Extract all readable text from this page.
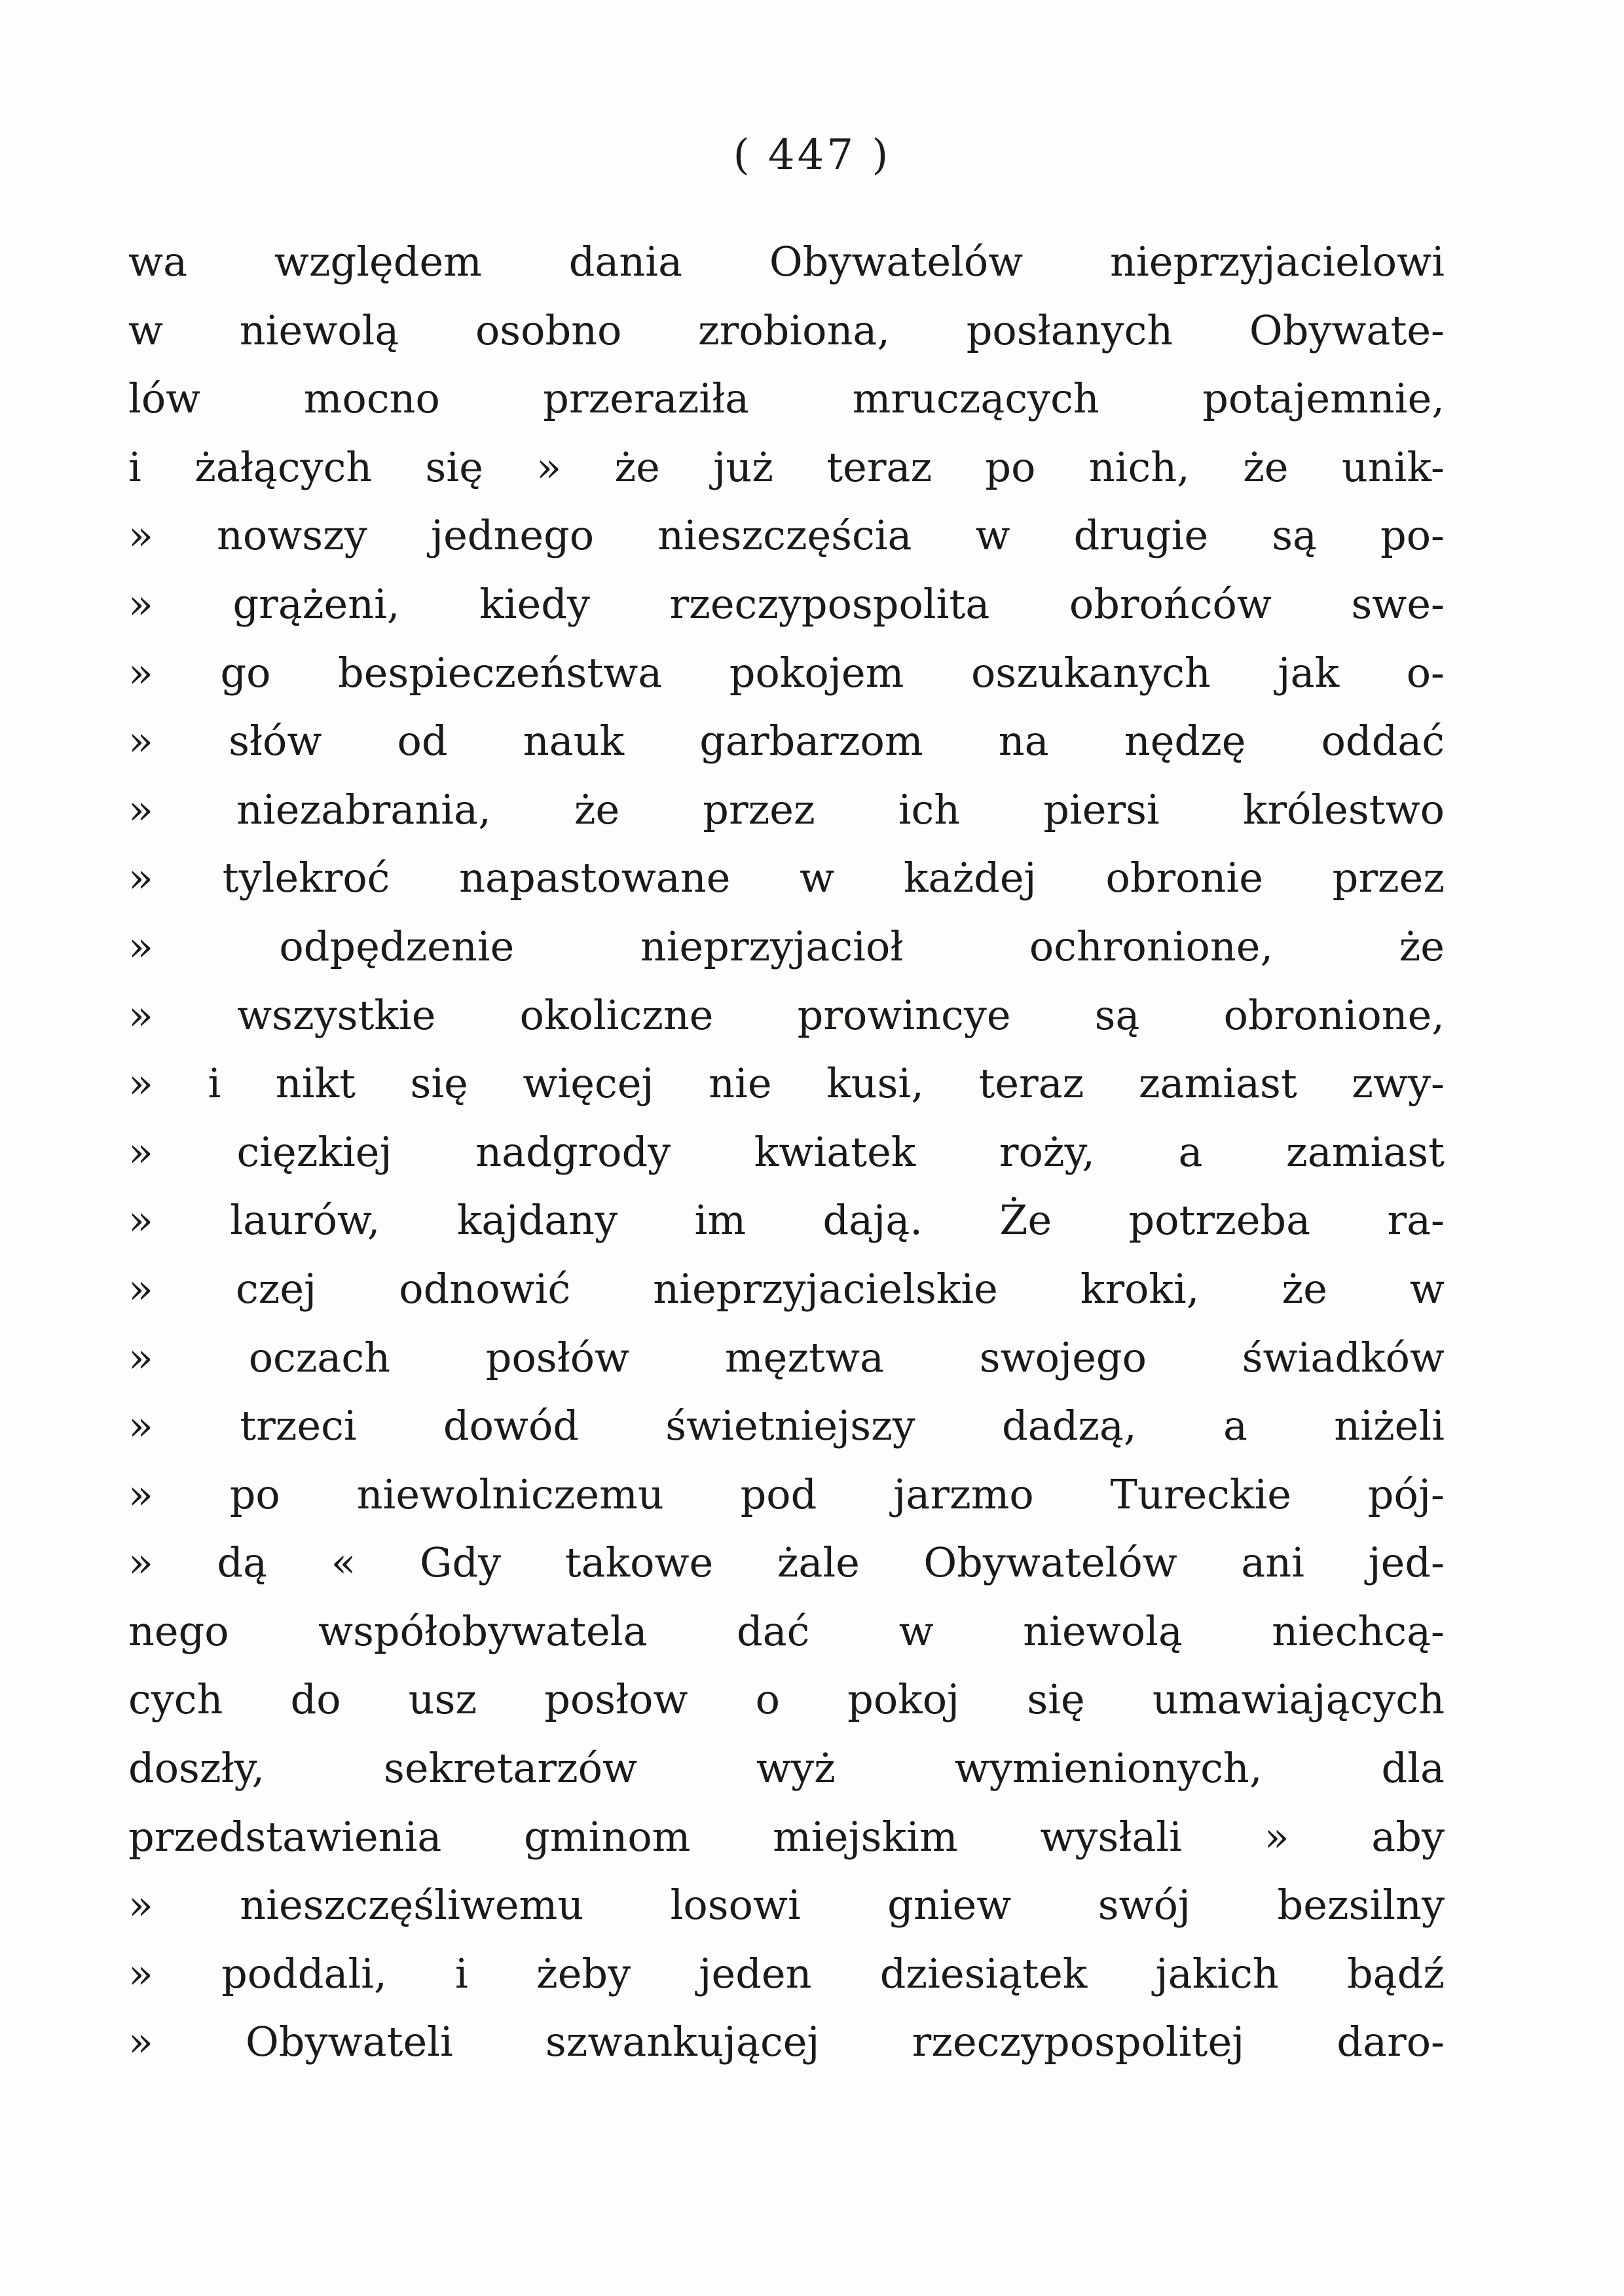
( 447 )
wa względem dania Obywatelów nieprzyjacielowi
w niewolą osobno zrobiona, posłanych Obywate-
lów mocno przeraziła mruczących potajemnie,
i żałących się » że już teraz po nich, że unik-
» nowszy jednego nieszczęścia w drugie są po-
» grążeni, kiedy rzeczypospolita obrońców swe-
» go bespieczeństwa pokojem oszukanych jak o-
» słów od nauk garbarzom na nędzę oddać
» niezabrania, że przez ich piersi królestwo
» tylekroć napastowane w każdej obronie przez
» odpędzenie nieprzyjacioł ochronione, że
» wszystkie okoliczne prowincye są obronione,
» i nikt się więcej nie kusi, teraz zamiast zwy-
» cięzkiej nadgrody kwiatek roży, a zamiast
» laurów, kajdany im dają. Że potrzeba ra-
» czej odnowić nieprzyjacielskie kroki, że w
» oczach posłów męztwa swojego świadków
» trzeci dowód świetniejszy dadzą, a niżeli
» po niewolniczemu pod jarzmo Tureckie pój-
» dą « Gdy takowe żale Obywatelów ani jed-
nego współobywatela dać w niewolą niechcą-
cych do usz posłow o pokoj się umawiających
doszły, sekretarzów wyż wymienionych, dla
przedstawienia gminom miejskim wysłali » aby
» nieszczęśliwemu losowi gniew swój bezsilny
» poddali, i żeby jeden dziesiątek jakich bądź
» Obywateli szwankującej rzeczypospolitej daro-
